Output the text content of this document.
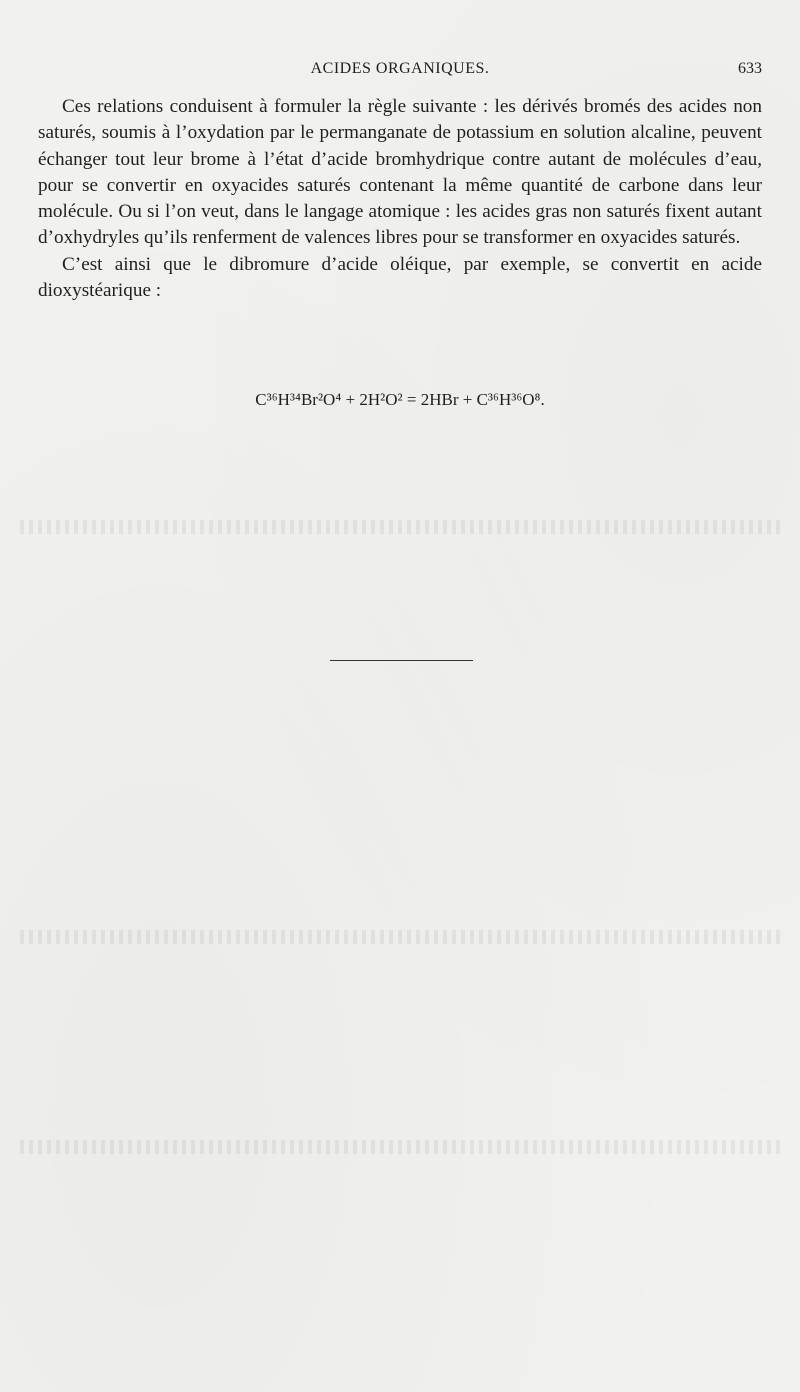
ACIDES ORGANIQUES.	633

Ces relations conduisent à formuler la règle suivante : les dérivés bromés des acides non saturés, soumis à l’oxydation par le permanganate de potassium en solution alcaline, peuvent échanger tout leur brome à l’état d’acide bromhydrique contre autant de molécules d’eau, pour se convertir en oxyacides saturés contenant la même quantité de carbone dans leur molécule. Ou si l’on veut, dans le langage atomique : les acides gras non saturés fixent autant d’oxhydryles qu’ils renferment de valences libres pour se transformer en oxyacides saturés.

C’est ainsi que le dibromure d’acide oléique, par exemple, se convertit en acide dioxystéarique :

C³⁶H³⁴Br²O⁴ + 2H²O² = 2HBr + C³⁶H³⁶O⁸.
